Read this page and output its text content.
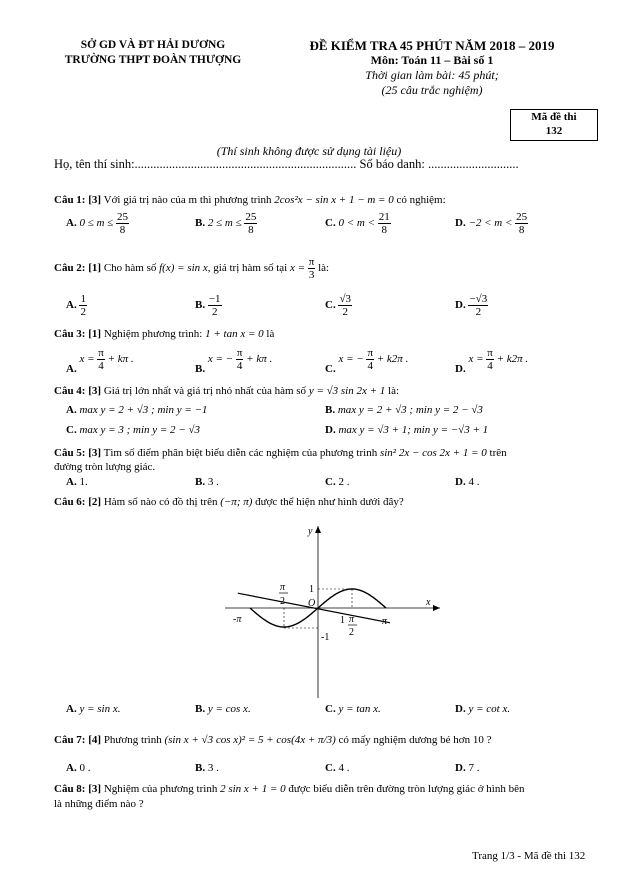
SỞ GD VÀ ĐT HẢI DƯƠNG
TRƯỜNG THPT ĐOÀN THƯỢNG
ĐỀ KIỂM TRA 45 PHÚT NĂM 2018 – 2019
Môn: Toán 11 – Bài số 1
Thời gian làm bài: 45 phút;
(25 câu trắc nghiệm)
Mã đề thi
132
(Thí sinh không được sử dụng tài liệu)
Họ, tên thí sinh:....................................................................... Số báo danh: .............................
Câu 1: [3] Với giá trị nào của m thì phương trình 2cos²x − sin x + 1 − m = 0 có nghiệm:
A. $0 \le m \le \frac{25}{8}$	B. $2 \le m \le \frac{25}{8}$	C. $0 < m < \frac{21}{8}$	D. $-2 < m < \frac{25}{8}$
Câu 2: [1] Cho hàm số f(x) = sin x, giá trị hàm số tại $x = \frac{\pi}{3}$ là:
A. $\frac{1}{2}$	B. $\frac{-1}{2}$	C. $\frac{√3}{2}$	D. $\frac{-√3}{2}$
Câu 3: [1] Nghiệm phương trình: 1 + tan x = 0 là
A. $x = \frac{\pi}{4} + k\pi$ .
B. x = − $\frac{\pi}{4} + k\pi$ .
C. x = − $\frac{\pi}{4} + k2\pi$ .
D. $x = \frac{\pi}{4} + k2\pi$ .
Câu 4: [3] Giá trị lớn nhất và giá trị nhỏ nhất của hàm số y = √3 sin 2x + 1 là:
A. max y = 2 + √3 ; min y = −1	B. max y = 2 + √3 ; min y = 2 − √3
C. max y = 3 ; min y = 2 − √3	D. max y = √3 + 1; min y = −√3 + 1
Câu 5: [3] Tìm số điểm phân biệt biểu diễn các nghiệm của phương trình sin² 2x − cos 2x + 1 = 0 trên
đường tròn lượng giác.
A. 1.	B. 3 .	C. 2 .	D. 4 .
Câu 6: [2] Hàm số nào có đồ thị trên (−π; π) được thể hiện như hình dưới đây?
y
x
O
1
-1
π
-π
-
π
2
1 π
2
A. y = sin x.	B. y = cos x.	C. y = tan x.	D. y = cot x.
Câu 7: [4] Phương trình (sin x + √3 cos x)² = 5 + cos(4x + π/3) có mấy nghiệm dương bé hơn 10 ?
A. 0 .	B. 3 .	C. 4 .	D. 7 .
Câu 8: [3] Nghiệm của phương trình 2 sin x + 1 = 0 được biểu diễn trên đường tròn lượng giác ở hình bên
là những điểm nào ?
Trang 1/3 - Mã đề thi 132
